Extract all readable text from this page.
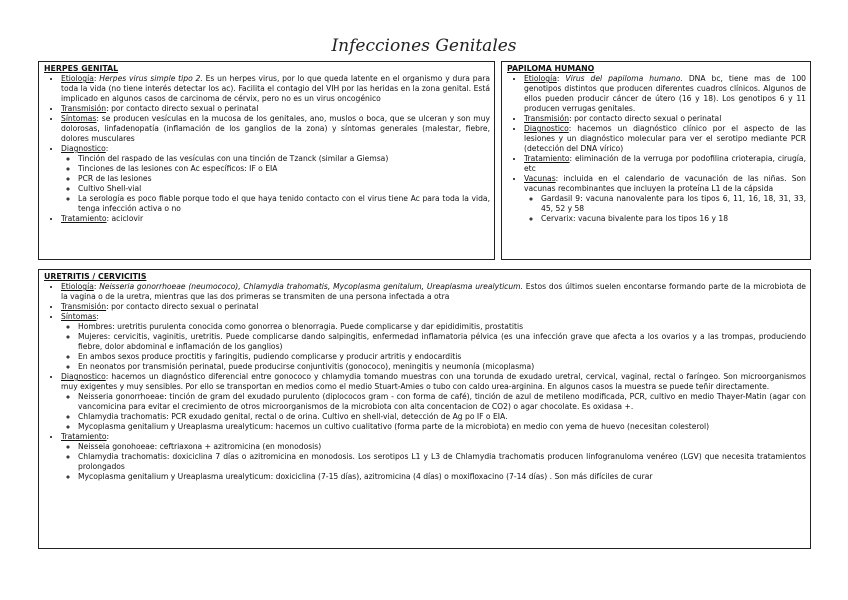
Infecciones Genitales
HERPES GENITAL
• Etiología: Herpes virus simple tipo 2. Es un herpes virus, por lo que queda latente en el organismo y dura para toda la vida (no tiene interés detectar los ac). Facilita el contagio del VIH por las heridas en la zona genital. Está implicado en algunos casos de carcinoma de cérvix, pero no es un virus oncogénico
• Transmisión: por contacto directo sexual o perinatal
• Síntomas: se producen vesículas en la mucosa de los genitales, ano, muslos o boca, que se ulceran y son muy dolorosas, linfadenopatía (inflamación de los ganglios de la zona) y síntomas generales (malestar, fiebre, dolores musculares
• Diagnostico:
◦ Tinción del raspado de las vesículas con una tinción de Tzanck (similar a Giemsa)
◦ Tinciones de las lesiones con Ac específicos: IF o EIA
◦ PCR de las lesiones
◦ Cultivo Shell-vial
◦ La serología es poco fiable porque todo el que haya tenido contacto con el virus tiene Ac para toda la vida, tenga infección activa o no
• Tratamiento: aciclovir
PAPILOMA HUMANO
• Etiología: Virus del papiloma humano. DNA bc, tiene mas de 100 genotipos distintos que producen diferentes cuadros clínicos. Algunos de ellos pueden producir cáncer de útero (16 y 18). Los genotipos 6 y 11 producen verrugas genitales.
• Transmisión: por contacto directo sexual o perinatal
• Diagnostico: hacemos un diagnóstico clínico por el aspecto de las lesiones y un diagnóstico molecular para ver el serotipo mediante PCR (detección del DNA vírico)
• Tratamiento: eliminación de la verruga por podofilina crioterapia, cirugía, etc
• Vacunas: incluida en el calendario de vacunación de las niñas. Son vacunas recombinantes que incluyen la proteína L1 de la cápsida
◦ Gardasil 9: vacuna nanovalente para los tipos 6, 11, 16, 18, 31, 33, 45, 52 y 58
◦ Cervarix: vacuna bivalente para los tipos 16 y 18
URETRITIS / CERVICITIS
• Etiología: Neisseria gonorrhoeae (neumococo), Chlamydia trahomatis, Mycoplasma genitalum, Ureaplasma urealyticum. Estos dos últimos suelen encontarse formando parte de la microbiota de la vagina o de la uretra, mientras que las dos primeras se transmiten de una persona infectada a otra
• Transmisión: por contacto directo sexual o perinatal
• Síntomas:
◦ Hombres: uretritis purulenta conocida como gonorrea o blenorragia. Puede complicarse y dar epididimitis, prostatitis
◦ Mujeres: cervicitis, vaginitis, uretritis. Puede complicarse dando salpingitis, enfermedad inflamatoria pélvica (es una infección grave que afecta a los ovarios y a las trompas, produciendo fiebre, dolor abdominal e inflamación de los ganglios)
◦ En ambos sexos produce proctitis y faringitis, pudiendo complicarse y producir artritis y endocarditis
◦ En neonatos por transmisión perinatal, puede producirse conjuntivitis (gonococo), meningitis y neumonía (micoplasma)
• Diagnostico: hacemos un diagnóstico diferencial entre gonococo y chlamydia tomando muestras con una torunda de exudado uretral, cervical, vaginal, rectal o faríngeo. Son microorganismos muy exigentes y muy sensibles. Por ello se transportan en medios como el medio Stuart-Amies o tubo con caldo urea-arginina. En algunos casos la muestra se puede teñir directamente.
◦ Neisseria gonorrhoeae: tinción de gram del exudado purulento (diplococos gram - con forma de café), tinción de azul de metileno modificada, PCR, cultivo en medio Thayer-Matin (agar con vancomicina para evitar el crecimiento de otros microorganismos de la microbiota con alta concentacion de CO2) o agar chocolate. Es oxidasa +.
◦ Chlamydia trachomatis: PCR exudado genital, rectal o de orina. Cultivo en shell-vial, detección de Ag po IF o EIA.
◦ Mycoplasma genitalium y Ureaplasma urealyticum: hacemos un cultivo cualitativo (forma parte de la microbiota) en medio con yema de huevo (necesitan colesterol)
• Tratamiento:
◦ Neisseia gonohoeae: ceftriaxona + azitromicina (en monodosis)
◦ Chlamydia trachomatis: doxiciclina 7 días o azitromicina en monodosis. Los serotipos L1 y L3 de Chlamydia trachomatis producen linfogranuloma venéreo (LGV) que necesita tratamientos prolongados
◦ Mycoplasma genitalium y Ureaplasma urealyticum: doxiciclina (7-15 días), azitromicina (4 días) o moxifloxacino (7-14 días) . Son más difíciles de curar
